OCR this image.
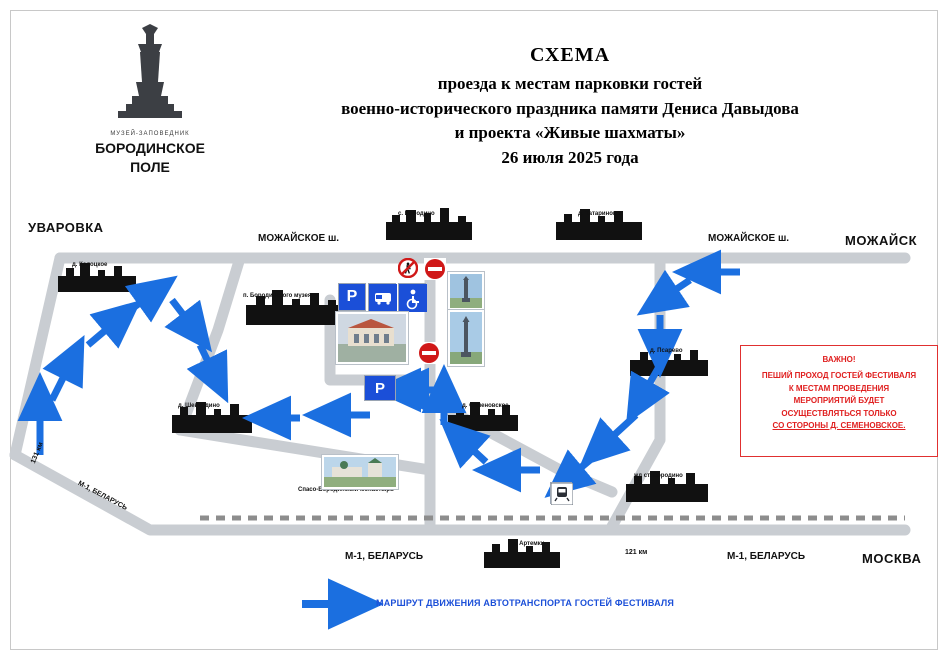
МУЗЕЙ-ЗАПОВЕДНИК
БОРОДИНСКОЕ
ПОЛЕ
СХЕМА
проезда к местам парковки гостей
военно-исторического праздника памяти Дениса Давыдова
и проекта «Живые шахматы»
26 июля 2025 года
УВАРОВКА
МОЖАЙСК
МОСКВА
МОЖАЙСКОЕ ш.	МОЖАЙСКОЕ ш.
М-1, БЕЛАРУСЬ	М-1, БЕЛАРУСЬ
121 км
с. Бородино	д. Татариново
д. Колоцкое
п. Бородинского музея
д. Псарево
д. Шевардино	д. Семеновское
жд ст. Бородино
Спасо-Бородинский монастырь
д. Артемки
131 км
М-1, БЕЛАРУСЬ
P
P
ВАЖНО!
ПЕШИЙ ПРОХОД ГОСТЕЙ ФЕСТИВАЛЯ
К МЕСТАМ ПРОВЕДЕНИЯ
МЕРОПРИЯТИЙ БУДЕТ
ОСУЩЕСТВЛЯТЬСЯ ТОЛЬКО
СО СТОРОНЫ Д. СЕМЕНОВСКОЕ.
МАРШРУТ ДВИЖЕНИЯ АВТОТРАНСПОРТА ГОСТЕЙ ФЕСТИВАЛЯ
